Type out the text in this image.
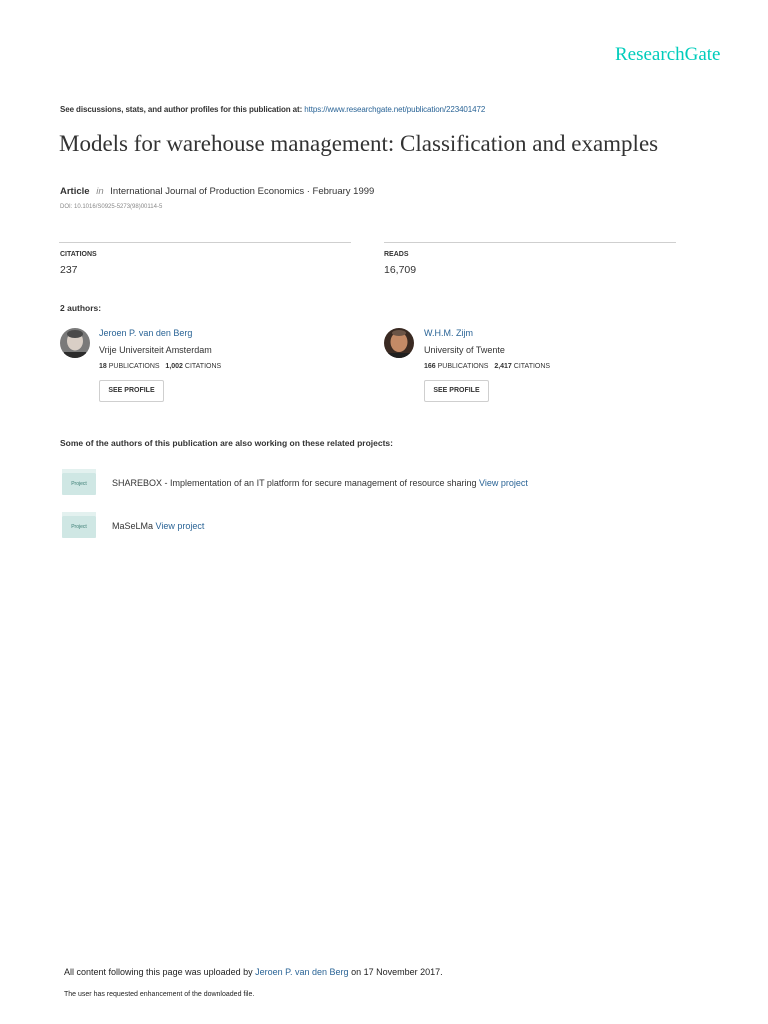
ResearchGate
See discussions, stats, and author profiles for this publication at: https://www.researchgate.net/publication/223401472
Models for warehouse management: Classification and examples
Article in International Journal of Production Economics · February 1999
DOI: 10.1016/S0925-5273(98)00114-5
CITATIONS
237
READS
16,709
2 authors:
Jeroen P. van den Berg
Vrije Universiteit Amsterdam
18 PUBLICATIONS 1,002 CITATIONS
SEE PROFILE
W.H.M. Zijm
University of Twente
166 PUBLICATIONS 2,417 CITATIONS
SEE PROFILE
Some of the authors of this publication are also working on these related projects:
Project	SHAREBOX - Implementation of an IT platform for secure management of resource sharing View project
Project	MaSeLMa View project
All content following this page was uploaded by Jeroen P. van den Berg on 17 November 2017.
The user has requested enhancement of the downloaded file.
